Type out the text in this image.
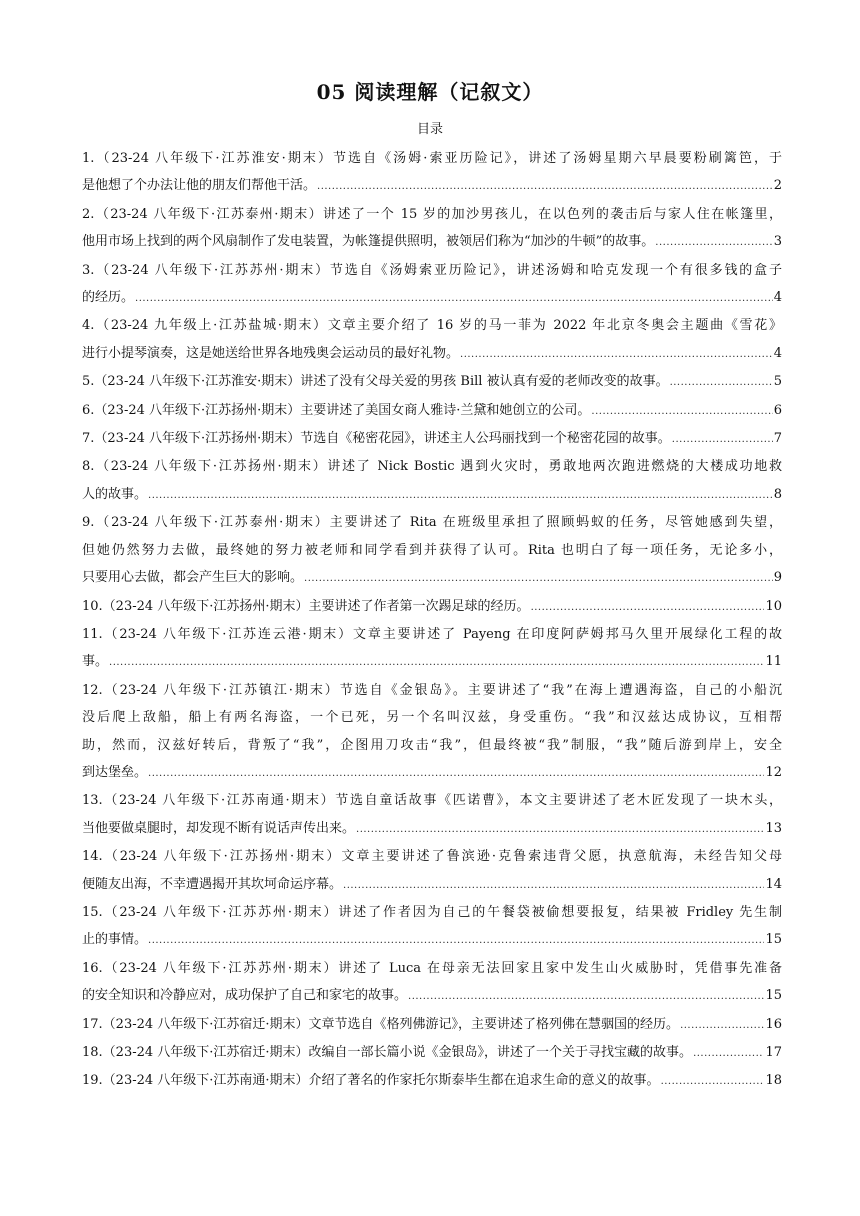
05 阅读理解（记叙文）
目录
1.（23-24 八年级下·江苏淮安·期末）节选自《汤姆·索亚历险记》，讲述了汤姆星期六早晨要粉刷篱笆，于
是他想了个办法让他的朋友们帮他干活。 .....	2
2.（23-24 八年级下·江苏泰州·期末）讲述了一个 15 岁的加沙男孩儿，在以色列的袭击后与家人住在帐篷里，
他用市场上找到的两个风扇制作了发电装置，为帐篷提供照明，被领居们称为“加沙的牛顿”的故事。 .....	3
3.（23-24 八年级下·江苏苏州·期末）节选自《汤姆索亚历险记》，讲述汤姆和哈克发现一个有很多钱的盒子
的经历。 .....	4
4.（23-24 九年级上·江苏盐城·期末）文章主要介绍了 16 岁的马一菲为 2022 年北京冬奥会主题曲《雪花》
进行小提琴演奏，这是她送给世界各地残奥会运动员的最好礼物。 .....	4
5.（23-24 八年级下·江苏淮安·期末）讲述了没有父母关爱的男孩 Bill 被认真有爱的老师改变的故事。 .....	5
6.（23-24 八年级下·江苏扬州·期末）主要讲述了美国女商人雅诗·兰黛和她创立的公司。 .....	6
7.（23-24 八年级下·江苏扬州·期末）节选自《秘密花园》，讲述主人公玛丽找到一个秘密花园的故事。 .....	7
8.（23-24 八年级下·江苏扬州·期末）讲述了 Nick Bostic 遇到火灾时，勇敢地两次跑进燃烧的大楼成功地救
人的故事。 .....	8
9.（23-24 八年级下·江苏泰州·期末）主要讲述了 Rita 在班级里承担了照顾蚂蚁的任务，尽管她感到失望，
但她仍然努力去做，最终她的努力被老师和同学看到并获得了认可。Rita 也明白了每一项任务，无论多小，
只要用心去做，都会产生巨大的影响。 .....	9
10.（23-24 八年级下·江苏扬州·期末）主要讲述了作者第一次踢足球的经历。 .....	10
11.（23-24 八年级下·江苏连云港·期末）文章主要讲述了 Payeng 在印度阿萨姆邦马久里开展绿化工程的故
事。 .....	11
12.（23-24 八年级下·江苏镇江·期末）节选自《金银岛》。主要讲述了“我”在海上遭遇海盗，自己的小船沉
没后爬上敌船，船上有两名海盗，一个已死，另一个名叫汉兹，身受重伤。“我”和汉兹达成协议，互相帮
助，然而，汉兹好转后，背叛了“我”，企图用刀攻击“我”，但最终被“我”制服，“我”随后游到岸上，安全
到达堡垒。 .....	12
13.（23-24 八年级下·江苏南通·期末）节选自童话故事《匹诺曹》，本文主要讲述了老木匠发现了一块木头，
当他要做桌腿时，却发现不断有说话声传出来。 .....	13
14.（23-24 八年级下·江苏扬州·期末）文章主要讲述了鲁滨逊·克鲁索违背父愿，执意航海，未经告知父母
便随友出海，不幸遭遇揭开其坎坷命运序幕。 .....	14
15.（23-24 八年级下·江苏苏州·期末）讲述了作者因为自己的午餐袋被偷想要报复，结果被 Fridley 先生制
止的事情。 .....	15
16.（23-24 八年级下·江苏苏州·期末）讲述了 Luca 在母亲无法回家且家中发生山火威胁时，凭借事先准备
的安全知识和冷静应对，成功保护了自己和家宅的故事。 .....	15
17.（23-24 八年级下·江苏宿迁·期末）文章节选自《格列佛游记》，主要讲述了格列佛在慧骃国的经历。 .....	16
18.（23-24 八年级下·江苏宿迁·期末）改编自一部长篇小说《金银岛》，讲述了一个关于寻找宝藏的故事。 .....	17
19.（23-24 八年级下·江苏南通·期末）介绍了著名的作家托尔斯泰毕生都在追求生命的意义的故事。 .....	18
